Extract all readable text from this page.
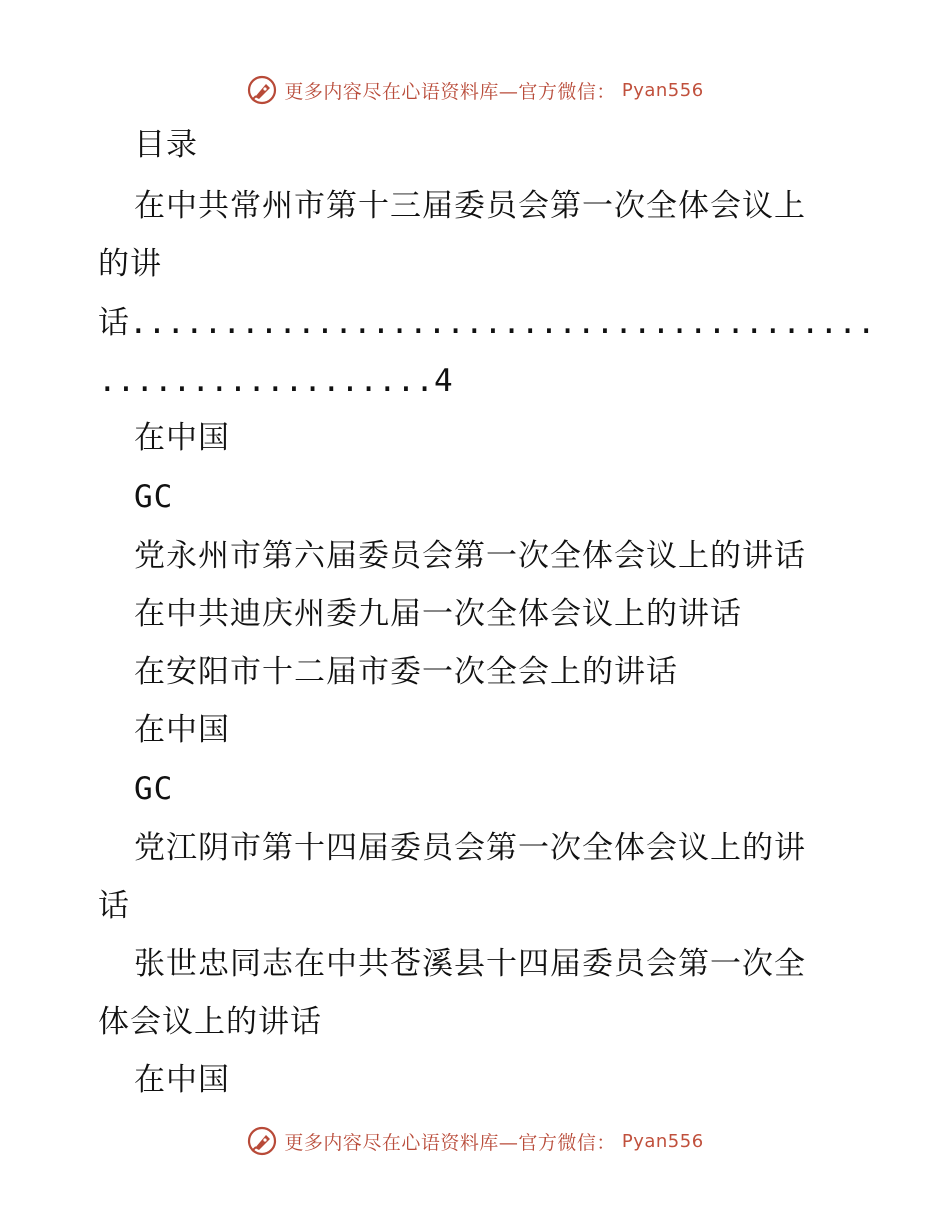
更多内容尽在心语资料库—官方微信： Pyan556
目录
在中共常州市第十三届委员会第一次全体会议上
的讲
话........................................
..................4
在中国
GC
党永州市第六届委员会第一次全体会议上的讲话
在中共迪庆州委九届一次全体会议上的讲话
在安阳市十二届市委一次全会上的讲话
在中国
GC
党江阴市第十四届委员会第一次全体会议上的讲
话
张世忠同志在中共苍溪县十四届委员会第一次全
体会议上的讲话
在中国
更多内容尽在心语资料库—官方微信： Pyan556
